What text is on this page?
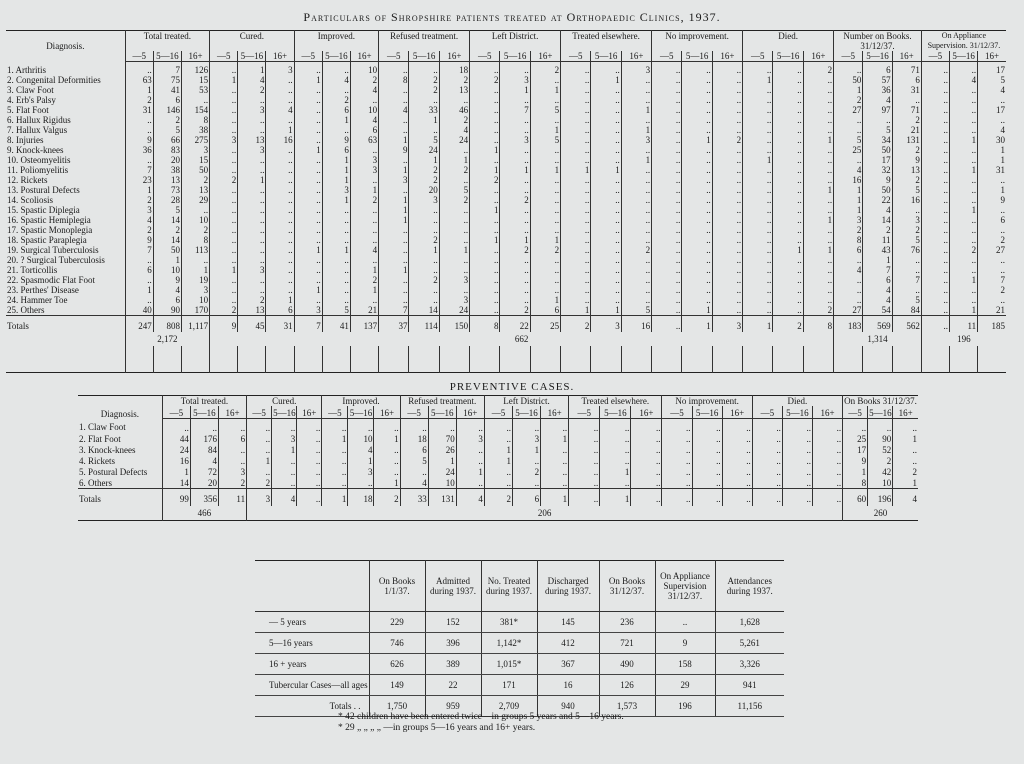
Particulars of Shropshire patients treated at Orthopaedic Clinics, 1937.
Diagnosis.	Total treated.			Cured.			Improved.			Refused treatment.			Left District.			Treated elsewhere.			No improvement.			Died.			Number on Books. 31/12/37.			On Appliance Supervision. 31/12/37.		
	—5	5—16	16+	—5	5—16	16+	—5	5—16	16+	—5	5—16	16+	—5	5—16	16+	—5	5—16	16+	—5	5—16	16+	—5	5—16	16+	—5	5—16	16+	—5	5—16	16+
1. Arthritis	..	7	126	..	1	3	..	..	10	..	..	18	..	..	2	..	..	3	..	..	..	..	..	2	..	6	71	..	..	17
2. Congenital Deformities	63	75	15	1	4	..	1	4	2	8	2	2	2	3	..	..	1	..	..	..	..	1	..	..	50	57	6	..	4	5
3. Claw Foot	1	41	53	..	2	..	..	..	4	..	2	13	..	1	1	..	..	..	..	..	..	..	..	..	1	36	31	..	..	4
4. Erb's Palsy	2	6	..	..	..	..	..	2	..	..	..	..	..	..	..	..	..	..	..	..	..	..	..	..	2	4	..	..	..	..
5. Flat Foot	31	146	154	..	3	4	..	6	10	4	33	46	..	7	5	..	..	1	..	..	..	..	..	..	27	97	71	..	..	17
6. Hallux Rigidus	..	2	8	..	..	..	..	1	4	..	1	2	..	..	..	..	..	..	..	..	..	..	..	..	..	..	2	..	..	..
7. Hallux Valgus	..	5	38	..	..	1	..	..	6	..	..	4	..	..	1	..	..	1	..	..	..	..	..	..	..	5	21	..	..	4
8. Injuries	9	66	275	3	13	16	..	9	63	1	5	24	..	3	5	..	..	3	..	1	2	..	..	1	5	34	131	..	1	30
9. Knock-knees	36	83	3	..	3	..	1	6	..	9	24	..	1	..	..	..	..	..	..	..	..	..	..	..	25	50	2	..	..	1
10. Osteomyelitis	..	20	15	..	..	..	..	1	3	..	1	1	..	..	..	..	..	1	..	..	..	1	..	..	..	17	9	..	..	1
11. Poliomyelitis	7	38	50	..	..	..	..	1	3	1	2	2	1	1	1	1	1	..	..	..	..	..	..	..	4	32	13	..	1	31
12. Rickets	23	13	2	2	1	..	..	1	..	3	2	..	2	..	..	..	..	..	..	..	..	..	..	..	16	9	2	..	..	..
13. Postural Defects	1	73	13	..	..	..	..	3	1	..	20	5	..	..	..	..	..	..	..	..	..	..	..	1	1	50	5	..	..	1
14. Scoliosis	2	28	29	..	..	..	..	1	2	1	3	2	..	2	..	..	..	..	..	..	..	..	..	..	1	22	16	..	..	9
15. Spastic Diplegia	3	5	..	..	..	..	..	..	..	1	..	..	1	..	..	..	..	..	..	..	..	..	..	..	1	4	..	..	1	..
16. Spastic Hemiplegia	4	14	10	..	..	..	..	..	..	1	..	..	..	..	..	..	..	..	..	..	..	..	..	1	3	14	3	..	..	6
17. Spastic Monoplegia	2	2	2	..	..	..	..	..	..	..	..	..	..	..	..	..	..	..	..	..	..	..	..	..	2	2	2	..	..	..
18. Spastic Paraplegia	9	14	8	..	..	..	..	..	..	..	2	..	1	1	1	..	..	..	..	..	..	..	..	..	8	11	5	..	..	2
19. Surgical Tuberculosis	7	50	113	..	..	..	1	1	4	..	1	1	..	2	2	..	..	2	..	..	..	..	1	1	6	43	76	..	2	27
20. ? Surgical Tuberculosis	..	1	..	..	..	..	..	..	..	..	..	..	..	..	..	..	..	..	..	..	..	..	..	..	..	1	..	..	..	..
21. Torticollis	6	10	1	1	3	..	..	..	1	1	..	..	..	..	..	..	..	..	..	..	..	..	..	..	4	7	..	..	..	..
22. Spasmodic Flat Foot	..	9	19	..	..	..	..	..	2	..	2	3	..	..	..	..	..	..	..	..	..	..	..	..	..	6	7	..	1	7
23. Perthes' Disease	1	4	3	..	..	..	1	..	1	..	..	..	..	..	..	..	..	..	..	..	..	..	..	..	..	4	..	..	..	2
24. Hammer Toe	..	6	10	..	2	1	..	..	..	..	..	3	..	..	1	..	..	..	..	..	..	..	..	..	..	4	5	..	..	..
25. Others	40	90	170	2	13	6	3	5	21	7	14	24	..	2	6	1	1	5	..	1	..	..	..	2	27	54	84	..	1	21
Totals	247	808	1,117	9	45	31	7	41	137	37	114	150	8	22	25	2	3	16	..	1	3	1	2	8	183	569	562	..	11	185
	2,172			662																					1,314			196		

PREVENTIVE CASES.
Diagnosis.	Total treated.			Cured.			Improved.			Refused treatment.			Left District.			Treated elsewhere.			No improvement.			Died.			On Books 31/12/37.		
	—5	5—16	16+	—5	5—16	16+	—5	5—16	16+	—5	5—16	16+	—5	5—16	16+	—5	5—16	16+	—5	5—16	16+	—5	5—16	16+	—5	5—16	16+
1. Claw Foot	..	..	..	..	..	..	..	..	..	..	..	..	..	..	..	..	..	..	..	..	..	..	..	..	..	..	..
2. Flat Foot	44	176	6	..	3	..	1	10	1	18	70	3	..	3	1	..	..	..	..	..	..	..	..	..	25	90	1
3. Knock-knees	24	84	..	..	1	..	..	4	..	6	26	..	1	1	..	..	..	..	..	..	..	..	..	..	17	52	..
4. Rickets	16	4	..	1	..	..	..	1	..	5	1	..	1	..	..	..	..	..	..	..	..	..	..	..	9	2	..
5. Postural Defects	1	72	3	..	..	..	..	3	..	..	24	1	..	2	..	..	1	..	..	..	..	..	..	..	1	42	2
6. Others	14	20	2	2	..	..	..	..	1	4	10	..	..	..	..	..	..	..	..	..	..	..	..	..	8	10	1
Totals	99	356	11	3	4	..	1	18	2	33	131	4	2	6	1	..	1	..	..	..	..	..	..	..	60	196	4
	466			206																					260		
	On Books 1/1/37.	Admitted during 1937.	No. Treated during 1937.	Discharged during 1937.	On Books 31/12/37.	On Appliance Supervision 31/12/37.	Attendances during 1937.
— 5 years	229	152	381*	145	236	..	1,628
5—16 years	746	396	1,142*	412	721	9	5,261
16 + years	626	389	1,015*	367	490	158	3,326
Tubercular Cases—all ages	149	22	171	16	126	29	941
Totals . .	1,750	959	2,709	940	1,573	196	11,156
* 42 children have been entered twice—in groups 5 years and 5—16 years.
* 29 „ „ „ „ —in groups 5—16 years and 16+ years.
